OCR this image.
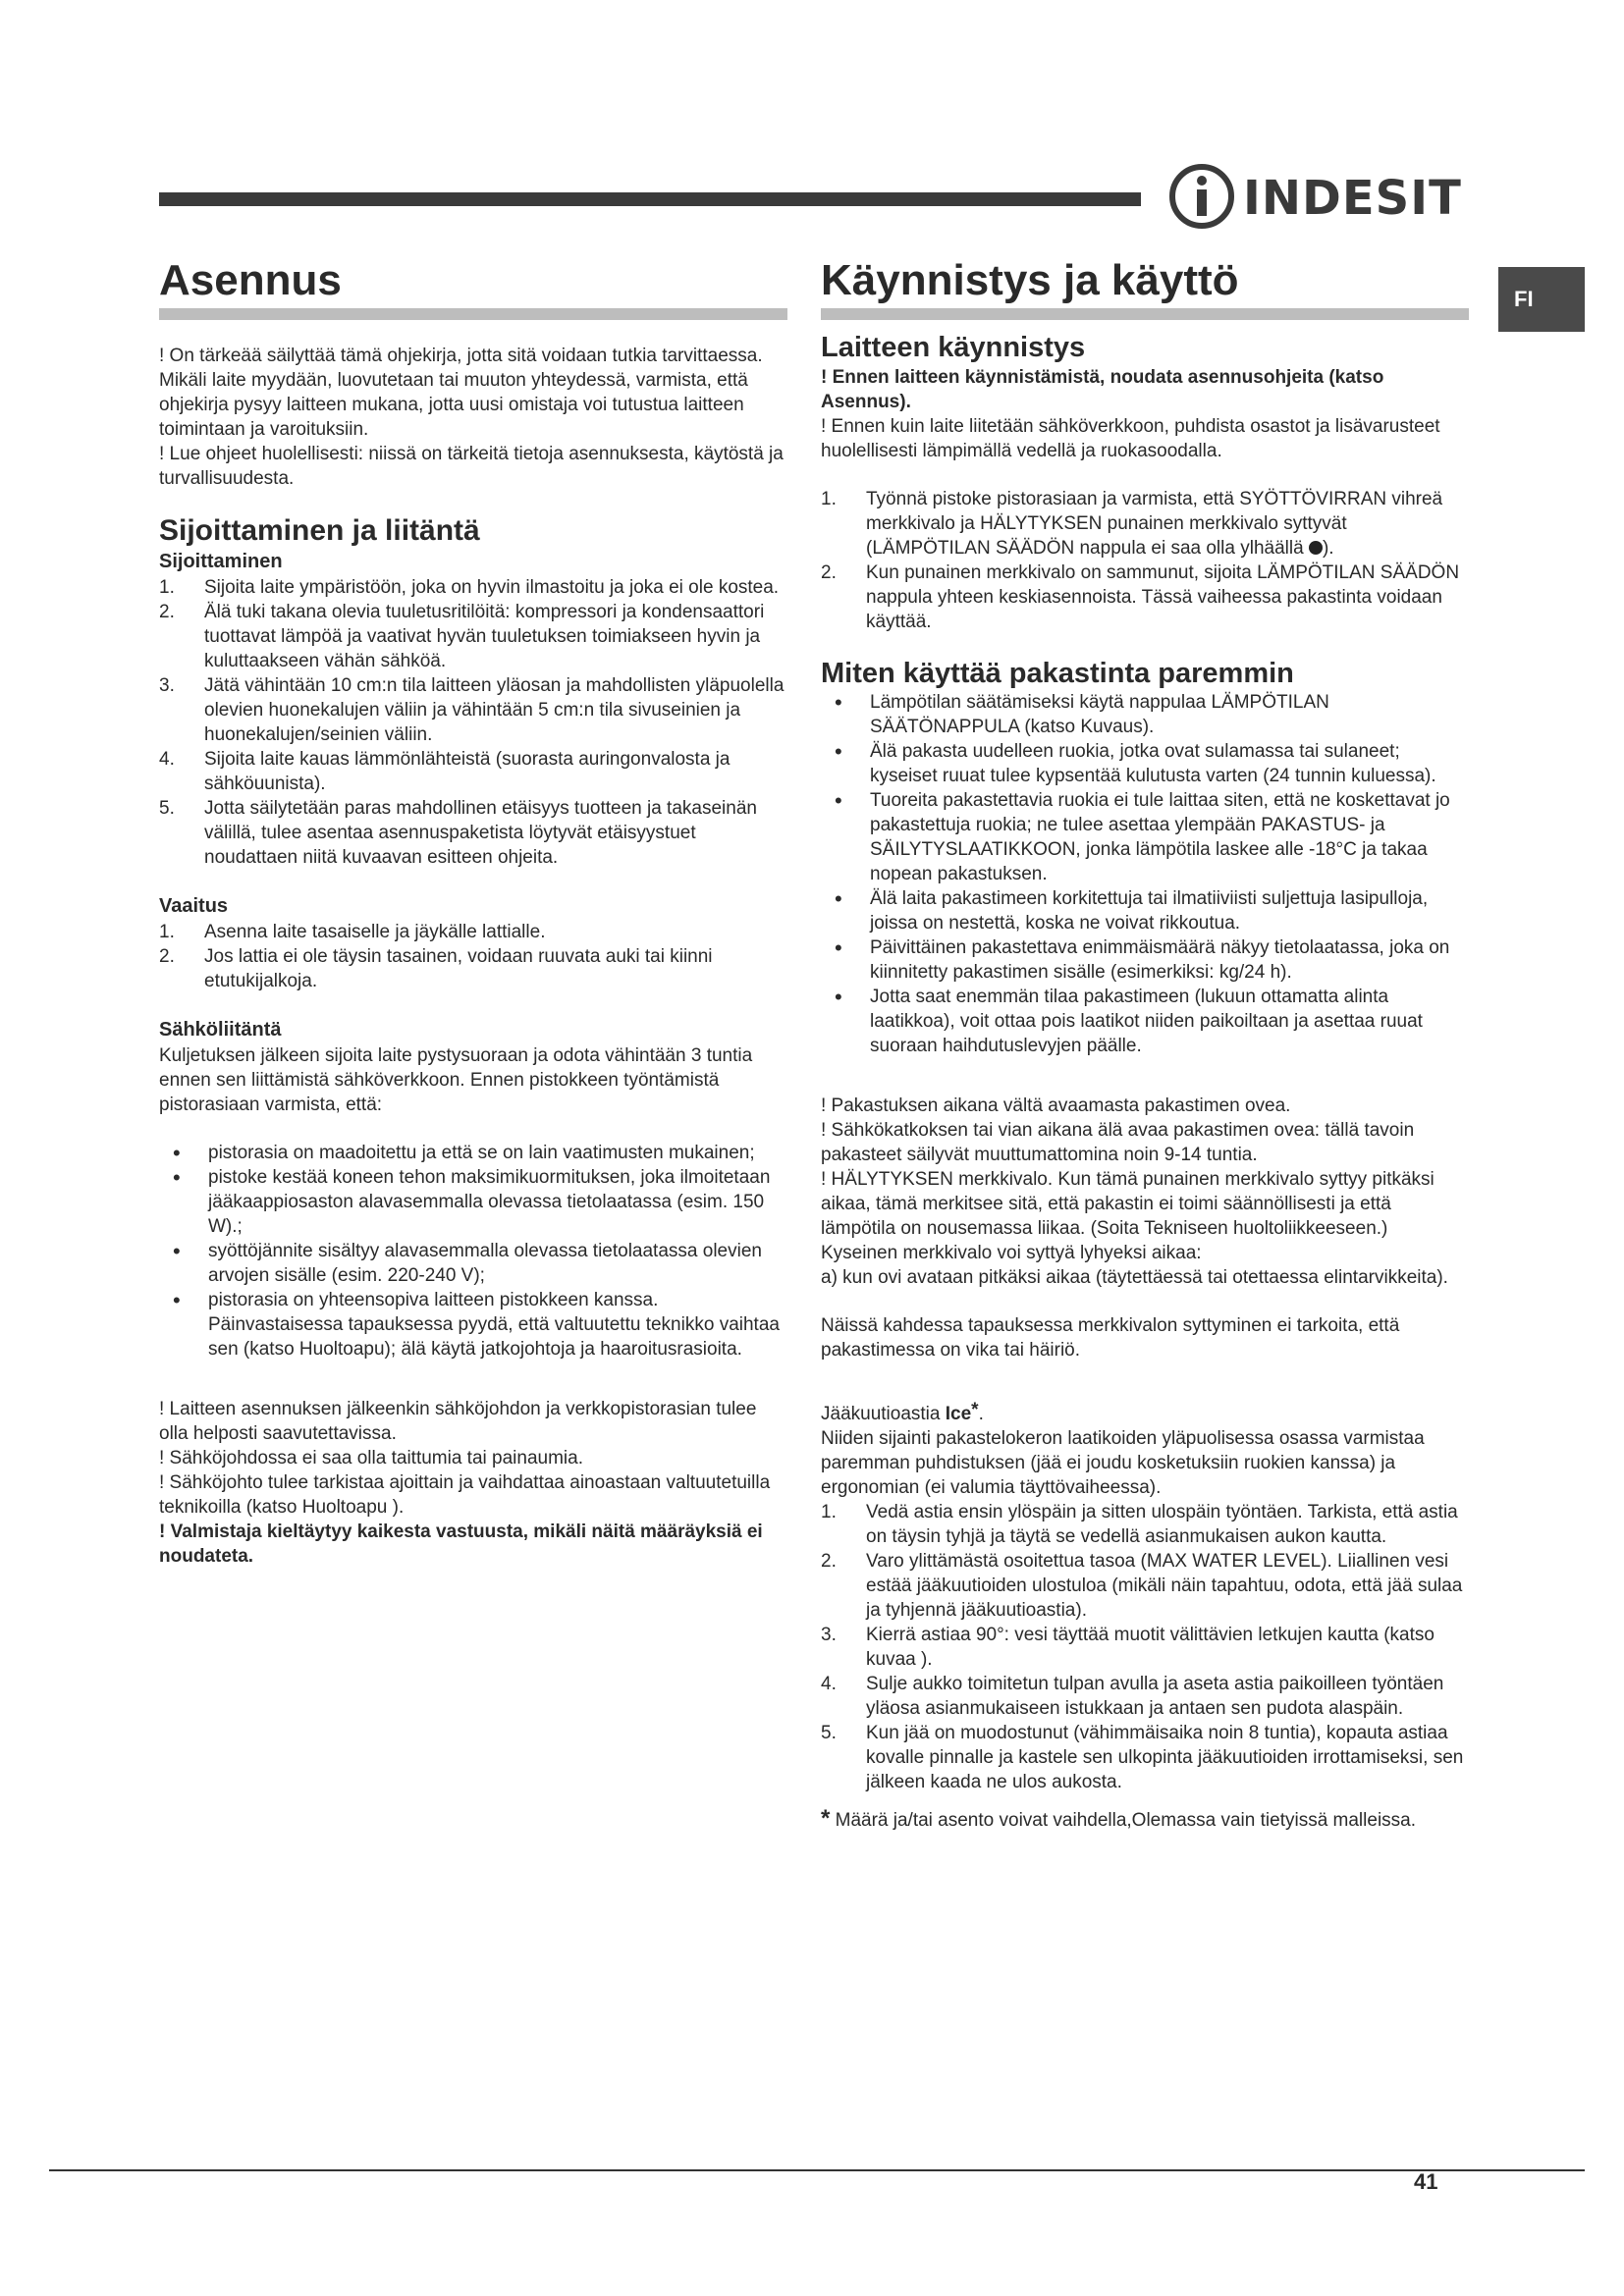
INDESIT
FI
Asennus

! On tärkeää säilyttää tämä ohjekirja, jotta sitä voidaan tutkia tarvittaessa. Mikäli laite myydään, luovutetaan tai muuton yhteydessä, varmista, että ohjekirja pysyy laitteen mukana, jotta uusi omistaja voi tutustua laitteen toimintaan ja varoituksiin.

! Lue ohjeet huolellisesti: niissä on tärkeitä tietoja asennuksesta, käytöstä ja turvallisuudesta.

Sijoittaminen ja liitäntä
Sijoittaminen
1. Sijoita laite ympäristöön, joka on hyvin ilmastoitu ja joka ei ole kostea.
2. Älä tuki takana olevia tuuletusritilöitä: kompressori ja kondensaattori tuottavat lämpöä ja vaativat hyvän tuuletuksen toimiakseen hyvin ja kuluttaakseen vähän sähköä.
3. Jätä vähintään 10 cm:n tila laitteen yläosan ja mahdollisten yläpuolella olevien huonekalujen väliin ja vähintään 5 cm:n tila sivuseinien ja huonekalujen/seinien väliin.
4. Sijoita laite kauas lämmönlähteistä (suorasta auringonvalosta ja sähköuunista).
5. Jotta säilytetään paras mahdollinen etäisyys tuotteen ja takaseinän välillä, tulee asentaa asennuspaketista löytyvät etäisyystuet noudattaen niitä kuvaavan esitteen ohjeita.
Vaaitus
1. Asenna laite tasaiselle ja jäykälle lattialle.
2. Jos lattia ei ole täysin tasainen, voidaan ruuvata auki tai kiinni etutukijalkoja.
Sähköliitäntä

Kuljetuksen jälkeen sijoita laite pystysuoraan ja odota vähintään 3 tuntia ennen sen liittämistä sähköverkkoon. Ennen pistokkeen työntämistä pistorasiaan varmista, että:

• pistorasia on maadoitettu ja että se on lain vaatimusten mukainen;
• pistoke kestää koneen tehon maksimikuormituksen, joka ilmoitetaan jääkaappiosaston alavasemmalla olevassa tietolaatassa (esim. 150 W).;
• syöttöjännite sisältyy alavasemmalla olevassa tietolaatassa olevien arvojen sisälle (esim. 220-240 V);
• pistorasia on yhteensopiva laitteen pistokkeen kanssa. Päinvastaisessa tapauksessa pyydä, että valtuutettu teknikko vaihtaa sen (katso Huoltoapu); älä käytä jatkojohtoja ja haaroitusrasioita.

! Laitteen asennuksen jälkeenkin sähköjohdon ja verkkopistorasian tulee olla helposti saavutettavissa.

! Sähköjohdossa ei saa olla taittumia tai painaumia.

! Sähköjohto tulee tarkistaa ajoittain ja vaihdattaa ainoastaan valtuutetuilla teknikoilla (katso Huoltoapu ).

! Valmistaja kieltäytyy kaikesta vastuusta, mikäli näitä määräyksiä ei noudateta.

Käynnistys ja käyttö
Laitteen käynnistys

! Ennen laitteen käynnistämistä, noudata asennusohjeita (katso Asennus).

! Ennen kuin laite liitetään sähköverkkoon, puhdista osastot ja lisävarusteet huolellisesti lämpimällä vedellä ja ruokasoodalla.

1. Työnnä pistoke pistorasiaan ja varmista, että SYÖTTÖVIRRAN vihreä merkkivalo ja HÄLYTYKSEN punainen merkkivalo syttyvät (LÄMPÖTILAN SÄÄDÖN nappula ei saa olla ylhäällä ).
2. Kun punainen merkkivalo on sammunut, sijoita LÄMPÖTILAN SÄÄDÖN nappula yhteen keskiasennoista. Tässä vaiheessa pakastinta voidaan käyttää.
Miten käyttää pakastinta paremmin
• Lämpötilan säätämiseksi käytä nappulaa LÄMPÖTILAN SÄÄTÖNAPPULA (katso Kuvaus).
• Älä pakasta uudelleen ruokia, jotka ovat sulamassa tai sulaneet; kyseiset ruuat tulee kypsentää kulutusta varten (24 tunnin kuluessa).
• Tuoreita pakastettavia ruokia ei tule laittaa siten, että ne koskettavat jo pakastettuja ruokia; ne tulee asettaa ylempään PAKASTUS- ja SÄILYTYSLAATIKKOON, jonka lämpötila laskee alle -18°C ja takaa nopean pakastuksen.
• Älä laita pakastimeen korkitettuja tai ilmatiiviisti suljettuja lasipulloja, joissa on nestettä, koska ne voivat rikkoutua.
• Päivittäinen pakastettava enimmäismäärä näkyy tietolaatassa, joka on kiinnitetty pakastimen sisälle (esimerkiksi: kg/24 h).
• Jotta saat enemmän tilaa pakastimeen (lukuun ottamatta alinta laatikkoa), voit ottaa pois laatikot niiden paikoiltaan ja asettaa ruuat suoraan haihdutuslevyjen päälle.

! Pakastuksen aikana vältä avaamasta pakastimen ovea.

! Sähkökatkoksen tai vian aikana älä avaa pakastimen ovea: tällä tavoin pakasteet säilyvät muuttumattomina noin 9-14 tuntia.

! HÄLYTYKSEN merkkivalo. Kun tämä punainen merkkivalo syttyy pitkäksi aikaa, tämä merkitsee sitä, että pakastin ei toimi säännöllisesti ja että lämpötila on nousemassa liikaa. (Soita Tekniseen huoltoliikkeeseen.)

Kyseinen merkkivalo voi syttyä lyhyeksi aikaa:

a) kun ovi avataan pitkäksi aikaa (täytettäessä tai otettaessa elintarvikkeita).

Näissä kahdessa tapauksessa merkkivalon syttyminen ei tarkoita, että pakastimessa on vika tai häiriö.

Jääkuutioastia Ice*.

Niiden sijainti pakastelokeron laatikoiden yläpuolisessa osassa varmistaa paremman puhdistuksen (jää ei joudu kosketuksiin ruokien kanssa) ja ergonomian (ei valumia täyttövaiheessa).

1. Vedä astia ensin ylöspäin ja sitten ulospäin työntäen. Tarkista, että astia on täysin tyhjä ja täytä se vedellä asianmukaisen aukon kautta.
2. Varo ylittämästä osoitettua tasoa (MAX WATER LEVEL). Liiallinen vesi estää jääkuutioiden ulostuloa (mikäli näin tapahtuu, odota, että jää sulaa ja tyhjennä jääkuutioastia).
3. Kierrä astiaa 90°: vesi täyttää muotit välittävien letkujen kautta (katso kuvaa ).
4. Sulje aukko toimitetun tulpan avulla ja aseta astia paikoilleen työntäen yläosa asianmukaiseen istukkaan ja antaen sen pudota alaspäin.
5. Kun jää on muodostunut (vähimmäisaika noin 8 tuntia), kopauta astiaa kovalle pinnalle ja kastele sen ulkopinta jääkuutioiden irrottamiseksi, sen jälkeen kaada ne ulos aukosta.

* Määrä ja/tai asento voivat vaihdella,Olemassa vain tietyissä malleissa.

41
